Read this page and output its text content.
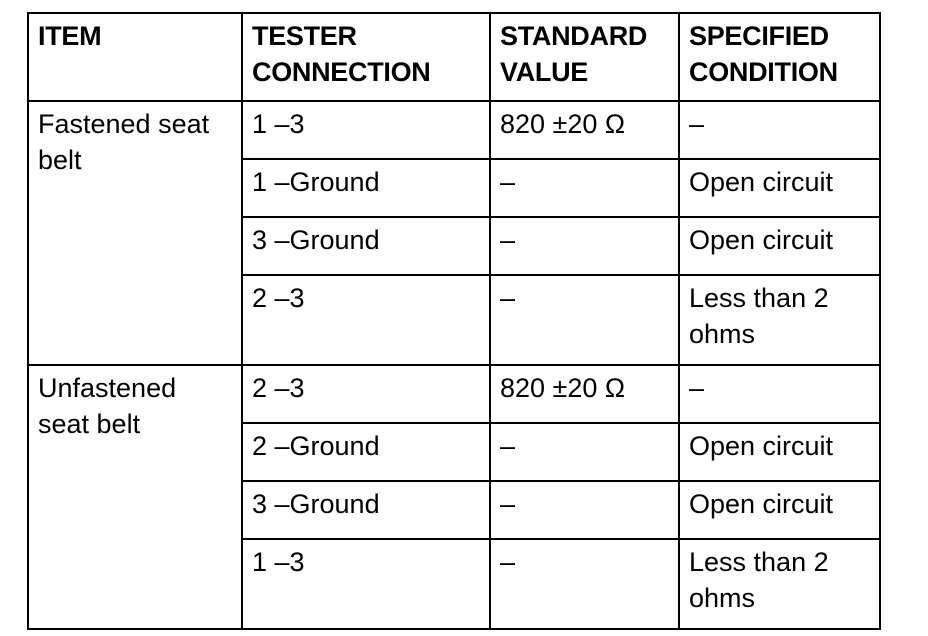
ITEM	TESTER CONNECTION	STANDARD VALUE	SPECIFIED CONDITION
Fastened seat belt	1 –3	820 ±20 Ω	–
	1 –Ground	–	Open circuit
	3 –Ground	–	Open circuit
	2 –3	–	Less than 2 ohms
Unfastened seat belt	2 –3	820 ±20 Ω	–
	2 –Ground	–	Open circuit
	3 –Ground	–	Open circuit
	1 –3	–	Less than 2 ohms
